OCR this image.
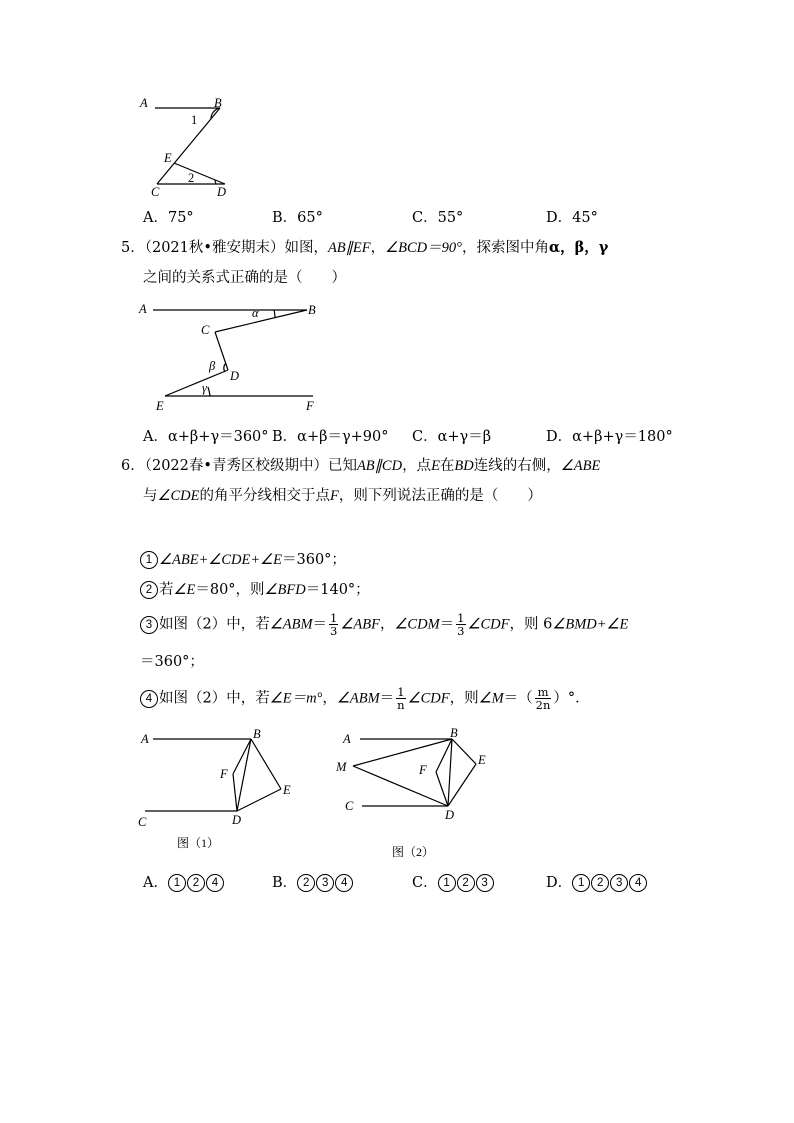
A	B
1
E
2
C	D
A．75°	B．65°	C．55°	D．45°
5．（2021秋•雅安期末）如图，AB∥EF，∠BCD＝90°，探索图中角α，β，γ
之间的关系式正确的是（　　）
A	B
α
C
β
D
γ
E	F
A．α+β+γ＝360° B．α+β＝γ+90° C．α+γ＝β	D．α+β+γ＝180°
6．（2022春•青秀区校级期中）已知AB∥CD，点E在BD连线的右侧，∠ABE
与∠CDE的角平分线相交于点F，则下列说法正确的是（　　）
1 ∠ABE+∠CDE+∠E＝360°；
2 若∠E＝80°，则∠BFD＝140°；
3 如图（2）中，若∠ABM＝ $\frac{1}{3}$ ∠ABF，∠CDM＝ $\frac{1}{3}$ ∠CDF，则 6∠BMD+∠E
＝360°；
4 如图（2）中，若∠E＝m°，∠ABM＝ $\frac{1}{n}$ ∠CDF，则∠M＝（ $\frac{m}{2n}$ ）°．
A	B
F
E
C	D
图（1）
A	B
M	F
E
C
D
图（2）
A． 1 2 4	B． 2 3 4	C． 1 2 3	D． 1 2 3 4
